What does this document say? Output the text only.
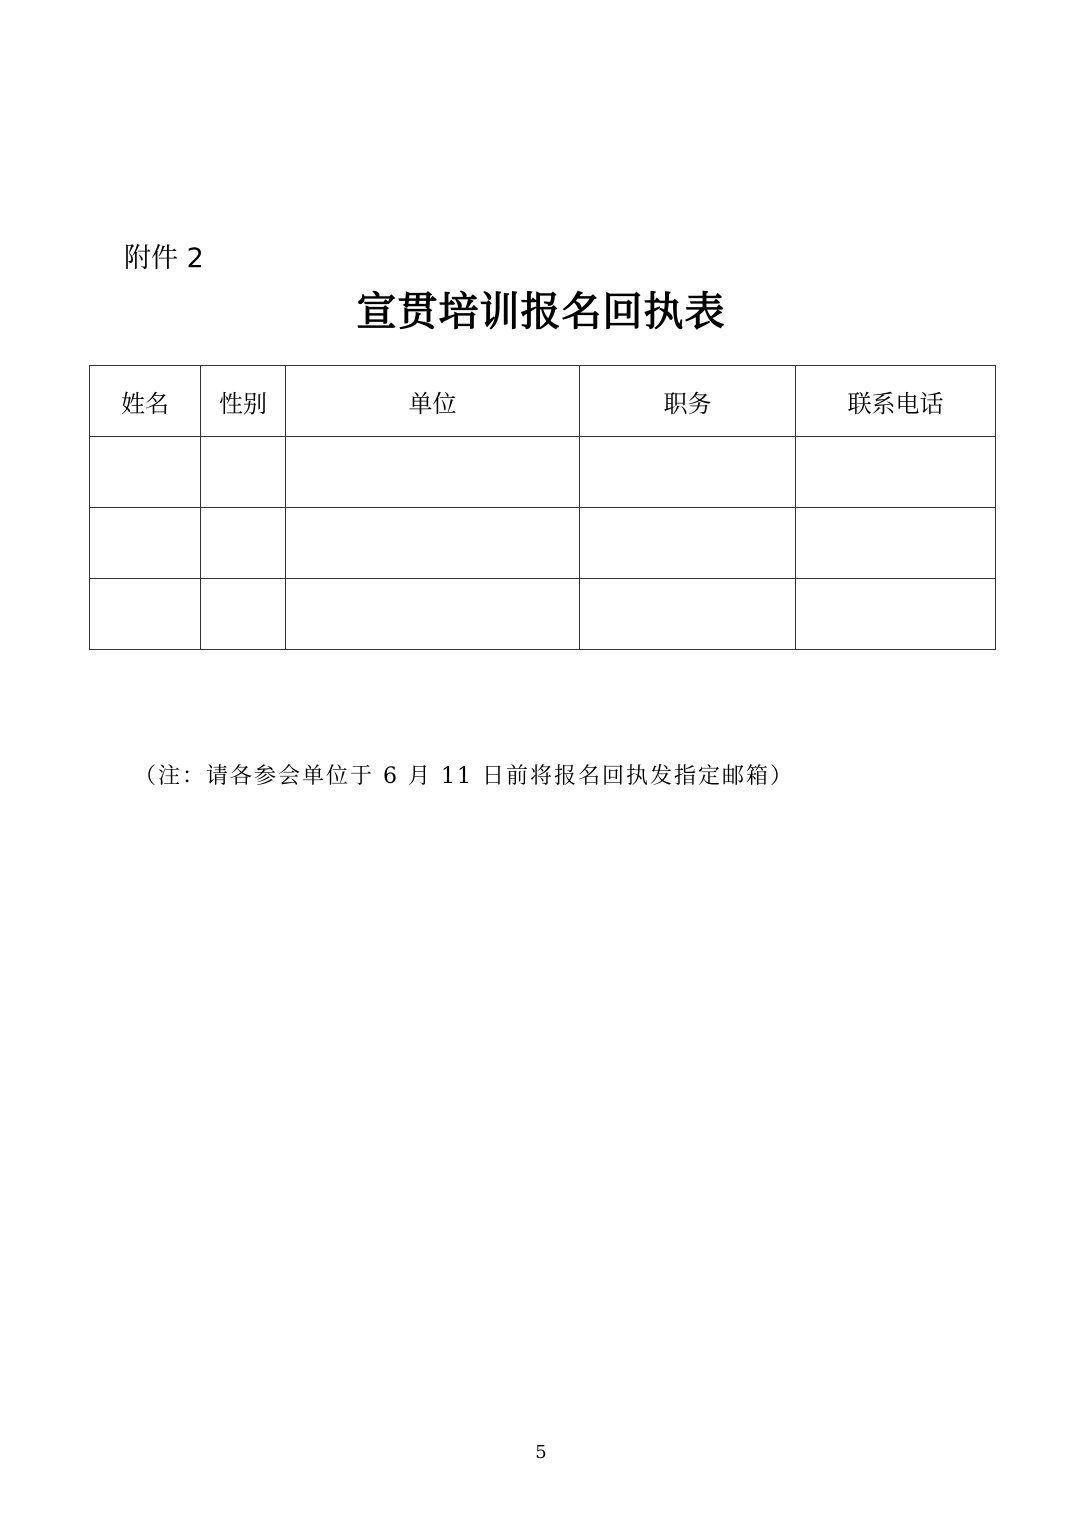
附件 2
宣贯培训报名回执表
姓名	性别	单位	职务	联系电话

（注：请各参会单位于 6 月 11 日前将报名回执发指定邮箱）
5
